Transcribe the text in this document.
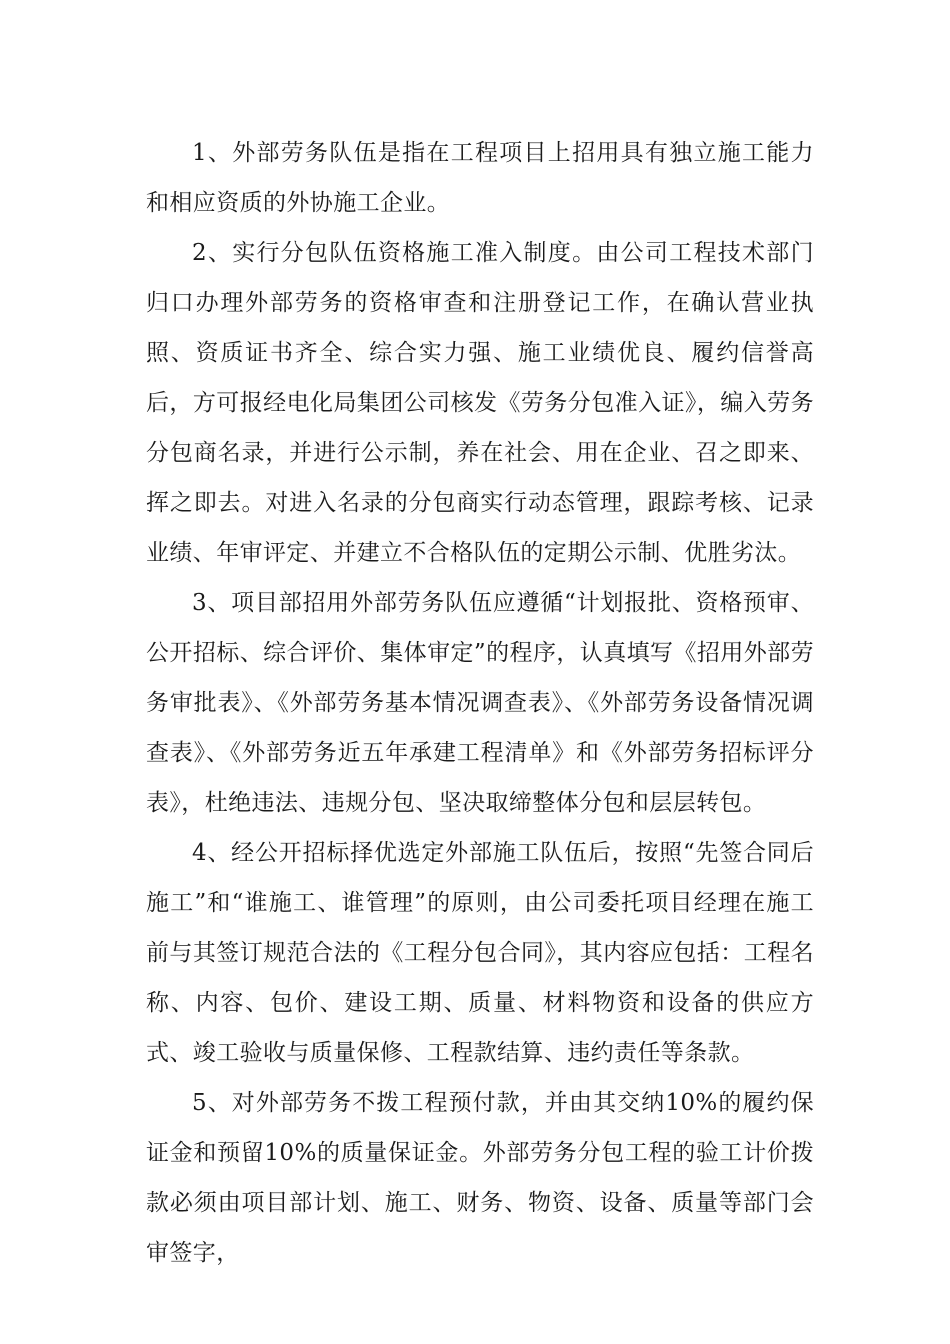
1、外部劳务队伍是指在工程项目上招用具有独立施工能力和相应资质的外协施工企业。

2、实行分包队伍资格施工准入制度。由公司工程技术部门归口办理外部劳务的资格审查和注册登记工作，在确认营业执照、资质证书齐全、综合实力强、施工业绩优良、履约信誉高后，方可报经电化局集团公司核发《劳务分包准入证》，编入劳务分包商名录，并进行公示制，养在社会、用在企业、召之即来、挥之即去。对进入名录的分包商实行动态管理，跟踪考核、记录业绩、年审评定、并建立不合格队伍的定期公示制、优胜劣汰。

3、项目部招用外部劳务队伍应遵循“计划报批、资格预审、公开招标、综合评价、集体审定”的程序，认真填写《招用外部劳务审批表》、《外部劳务基本情况调查表》、《外部劳务设备情况调查表》、《外部劳务近五年承建工程清单》和《外部劳务招标评分表》，杜绝违法、违规分包、坚决取缔整体分包和层层转包。

4、经公开招标择优选定外部施工队伍后，按照“先签合同后施工”和“谁施工、谁管理”的原则，由公司委托项目经理在施工前与其签订规范合法的《工程分包合同》，其内容应包括：工程名称、内容、包价、建设工期、质量、材料物资和设备的供应方式、竣工验收与质量保修、工程款结算、违约责任等条款。

5、对外部劳务不拨工程预付款，并由其交纳10%的履约保证金和预留10%的质量保证金。外部劳务分包工程的验工计价拨款必须由项目部计划、施工、财务、物资、设备、质量等部门会审签字，
